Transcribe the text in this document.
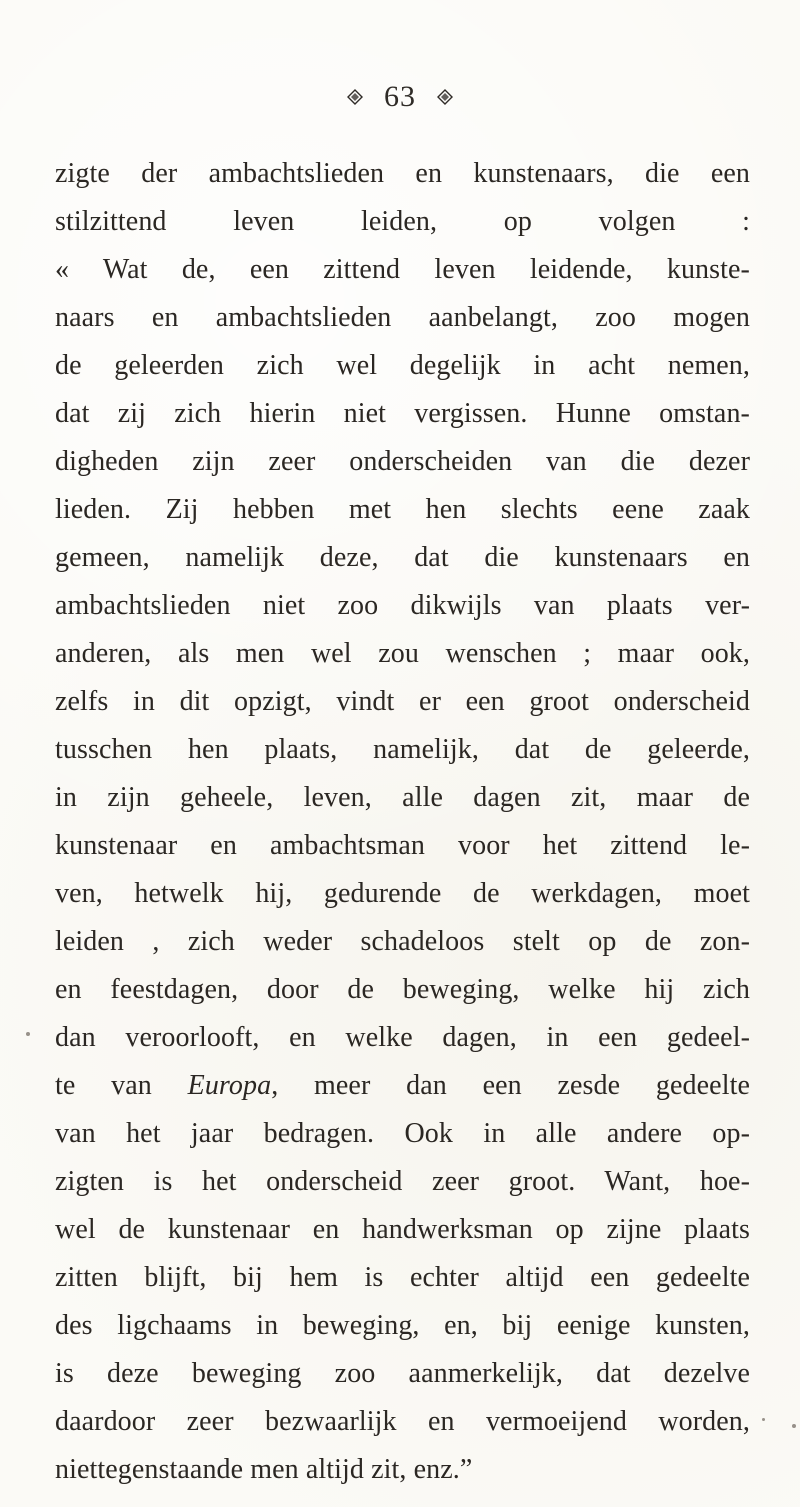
63
zigte der ambachtslieden en kunstenaars, die een
stilzittend leven leiden, op volgen :
« Wat de, een zittend leven leidende, kunste-
naars en ambachtslieden aanbelangt, zoo mogen
de geleerden zich wel degelijk in acht nemen,
dat zij zich hierin niet vergissen. Hunne omstan-
digheden zijn zeer onderscheiden van die dezer
lieden. Zij hebben met hen slechts eene zaak
gemeen, namelijk deze, dat die kunstenaars en
ambachtslieden niet zoo dikwijls van plaats ver-
anderen, als men wel zou wenschen ; maar ook,
zelfs in dit opzigt, vindt er een groot onderscheid
tusschen hen plaats, namelijk, dat de geleerde,
in zijn geheele, leven, alle dagen zit, maar de
kunstenaar en ambachtsman voor het zittend le-
ven, hetwelk hij, gedurende de werkdagen, moet
leiden , zich weder schadeloos stelt op de zon-
en feestdagen, door de beweging, welke hij zich
dan veroorlooft, en welke dagen, in een gedeel-
te van Europa, meer dan een zesde gedeelte
van het jaar bedragen. Ook in alle andere op-
zigten is het onderscheid zeer groot. Want, hoe-
wel de kunstenaar en handwerksman op zijne plaats
zitten blijft, bij hem is echter altijd een gedeelte
des ligchaams in beweging, en, bij eenige kunsten,
is deze beweging zoo aanmerkelijk, dat dezelve
daardoor zeer bezwaarlijk en vermoeijend worden,
niettegenstaande men altijd zit, enz.”
